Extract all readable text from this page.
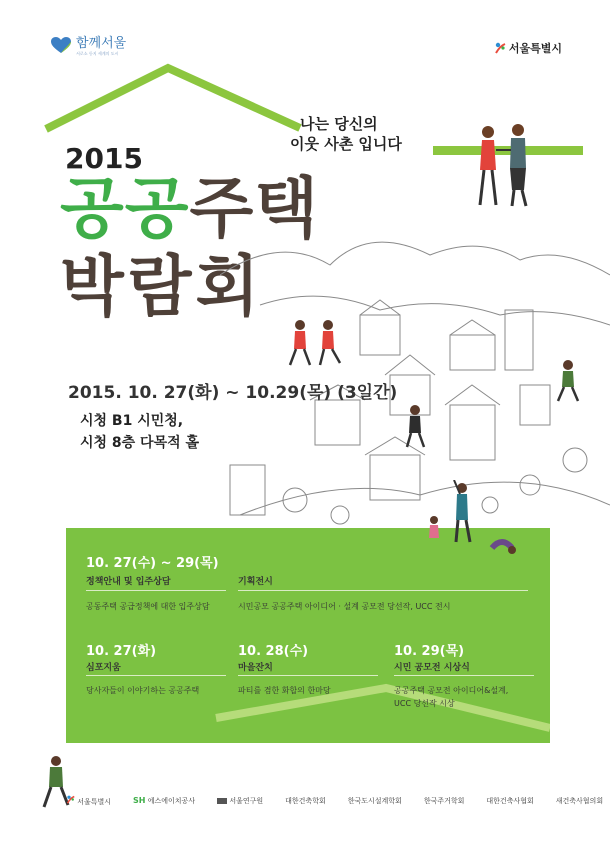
함께서울
서로소 등지 세계의 도시	서울특별시
나는 당신의
이웃 사촌 입니다
2015
공공주택
박람회
2015. 10. 27(화) ~ 10.29(목) (3일간)
시청 B1 시민청,
시청 8층 다목적 홀
10. 27(수) ~ 29(목)
정책안내 및 입주상담	기획전시
공동주택 공급정책에 대한 입주상담	시민공모 공공주택 아이디어 · 설계 공모전 당선작, UCC 전시
10. 27(화)
심포지움
당사자들이 이야기하는 공공주택
10. 28(수)
마을잔치
파티를 겸한 화합의 한마당
10. 29(목)
시민 공모전 시상식
공공주택 공모전 아이디어&설계,
UCC 당선작 시상
서울특별시	SH 에스에이치공사	서울연구원	대한건축학회	한국도시설계학회	한국주거학회	대한건축사협회	새건축사협의회
